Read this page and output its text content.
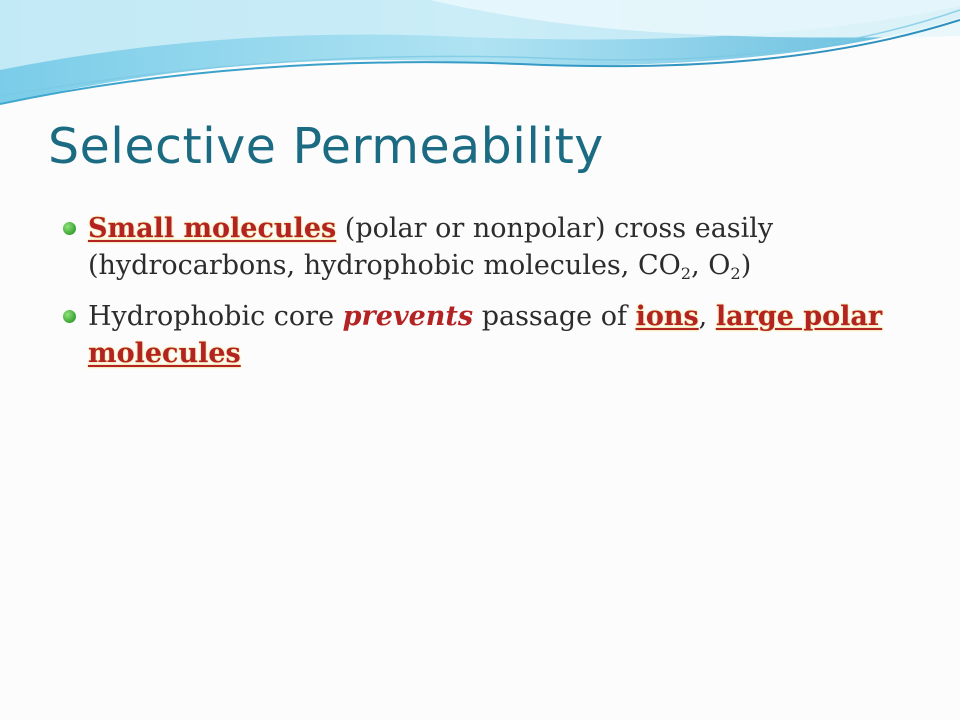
Selective Permeability
Small molecules (polar or nonpolar) cross easily (hydrocarbons, hydrophobic molecules, $CO_2$, $O_2$)
Hydrophobic core prevents passage of ions, large polar molecules
